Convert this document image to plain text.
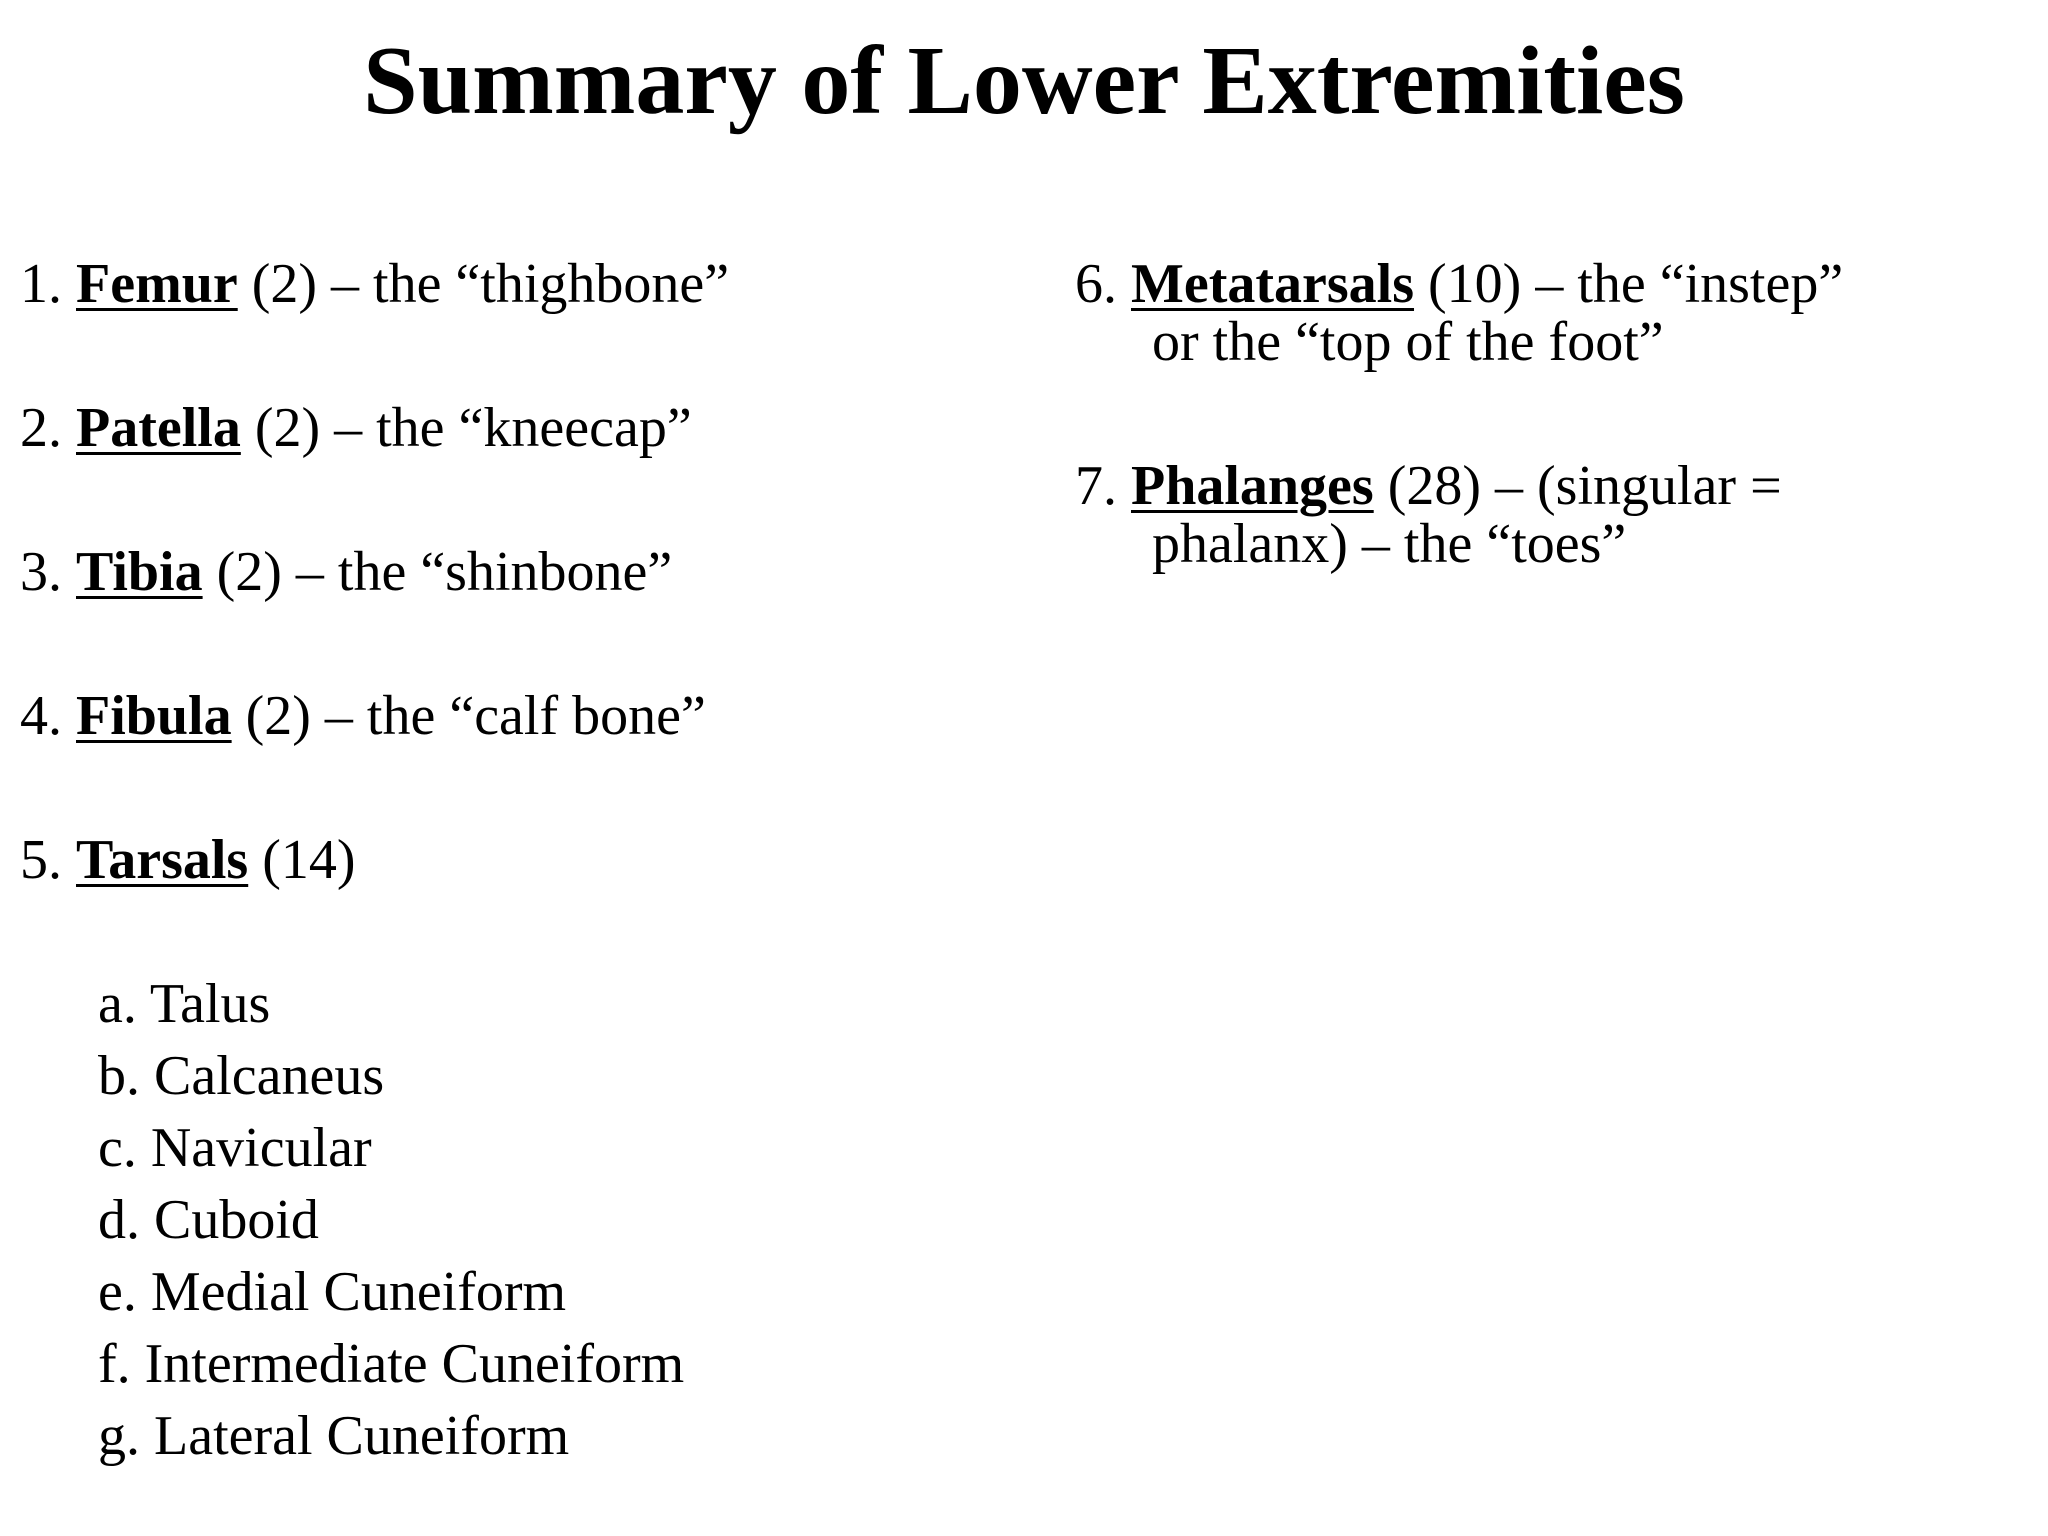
Summary of Lower Extremities
1. Femur (2) – the “thighbone”
2. Patella (2) – the “kneecap”
3. Tibia (2) – the “shinbone”
4. Fibula (2) – the “calf bone”
5. Tarsals (14)
a. Talus
b. Calcaneus
c. Navicular
d. Cuboid
e. Medial Cuneiform
f. Intermediate Cuneiform
g. Lateral Cuneiform
6. Metatarsals (10) – the “instep”
or the “top of the foot”
7. Phalanges (28) – (singular =
phalanx) – the “toes”
